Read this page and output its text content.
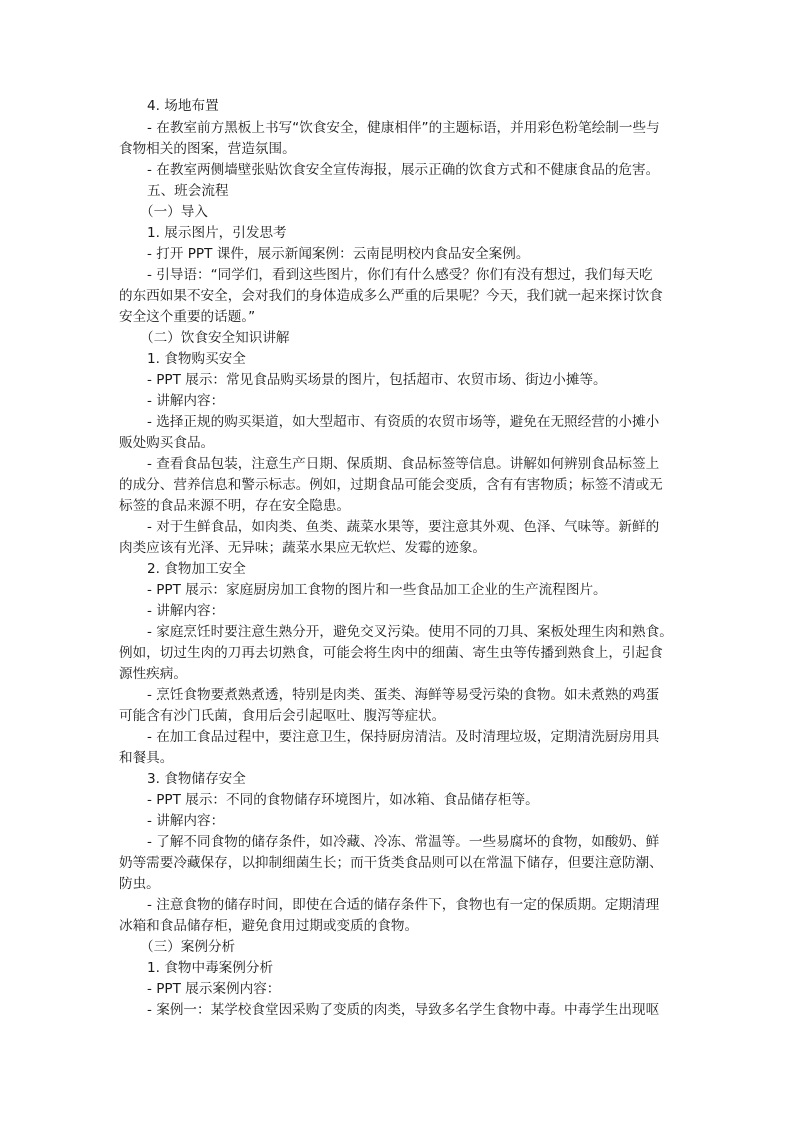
4. 场地布置
- 在教室前方黑板上书写“饮食安全，健康相伴”的主题标语，并用彩色粉笔绘制一些与
食物相关的图案，营造氛围。
- 在教室两侧墙壁张贴饮食安全宣传海报，展示正确的饮食方式和不健康食品的危害。
五、班会流程
（一）导入
1. 展示图片，引发思考
- 打开 PPT 课件，展示新闻案例：云南昆明校内食品安全案例。
- 引导语：“同学们，看到这些图片，你们有什么感受？你们有没有想过，我们每天吃
的东西如果不安全，会对我们的身体造成多么严重的后果呢？今天，我们就一起来探讨饮食
安全这个重要的话题。”
（二）饮食安全知识讲解
1. 食物购买安全
- PPT 展示：常见食品购买场景的图片，包括超市、农贸市场、街边小摊等。
- 讲解内容：
- 选择正规的购买渠道，如大型超市、有资质的农贸市场等，避免在无照经营的小摊小
贩处购买食品。
- 查看食品包装，注意生产日期、保质期、食品标签等信息。讲解如何辨别食品标签上
的成分、营养信息和警示标志。例如，过期食品可能会变质，含有有害物质；标签不清或无
标签的食品来源不明，存在安全隐患。
- 对于生鲜食品，如肉类、鱼类、蔬菜水果等，要注意其外观、色泽、气味等。新鲜的
肉类应该有光泽、无异味；蔬菜水果应无软烂、发霉的迹象。
2. 食物加工安全
- PPT 展示：家庭厨房加工食物的图片和一些食品加工企业的生产流程图片。
- 讲解内容：
- 家庭烹饪时要注意生熟分开，避免交叉污染。使用不同的刀具、案板处理生肉和熟食。
例如，切过生肉的刀再去切熟食，可能会将生肉中的细菌、寄生虫等传播到熟食上，引起食
源性疾病。
- 烹饪食物要煮熟煮透，特别是肉类、蛋类、海鲜等易受污染的食物。如未煮熟的鸡蛋
可能含有沙门氏菌，食用后会引起呕吐、腹泻等症状。
- 在加工食品过程中，要注意卫生，保持厨房清洁。及时清理垃圾，定期清洗厨房用具
和餐具。
3. 食物储存安全
- PPT 展示：不同的食物储存环境图片，如冰箱、食品储存柜等。
- 讲解内容：
- 了解不同食物的储存条件，如冷藏、冷冻、常温等。一些易腐坏的食物，如酸奶、鲜
奶等需要冷藏保存，以抑制细菌生长；而干货类食品则可以在常温下储存，但要注意防潮、
防虫。
- 注意食物的储存时间，即使在合适的储存条件下，食物也有一定的保质期。定期清理
冰箱和食品储存柜，避免食用过期或变质的食物。
（三）案例分析
1. 食物中毒案例分析
- PPT 展示案例内容：
- 案例一：某学校食堂因采购了变质的肉类，导致多名学生食物中毒。中毒学生出现呕
